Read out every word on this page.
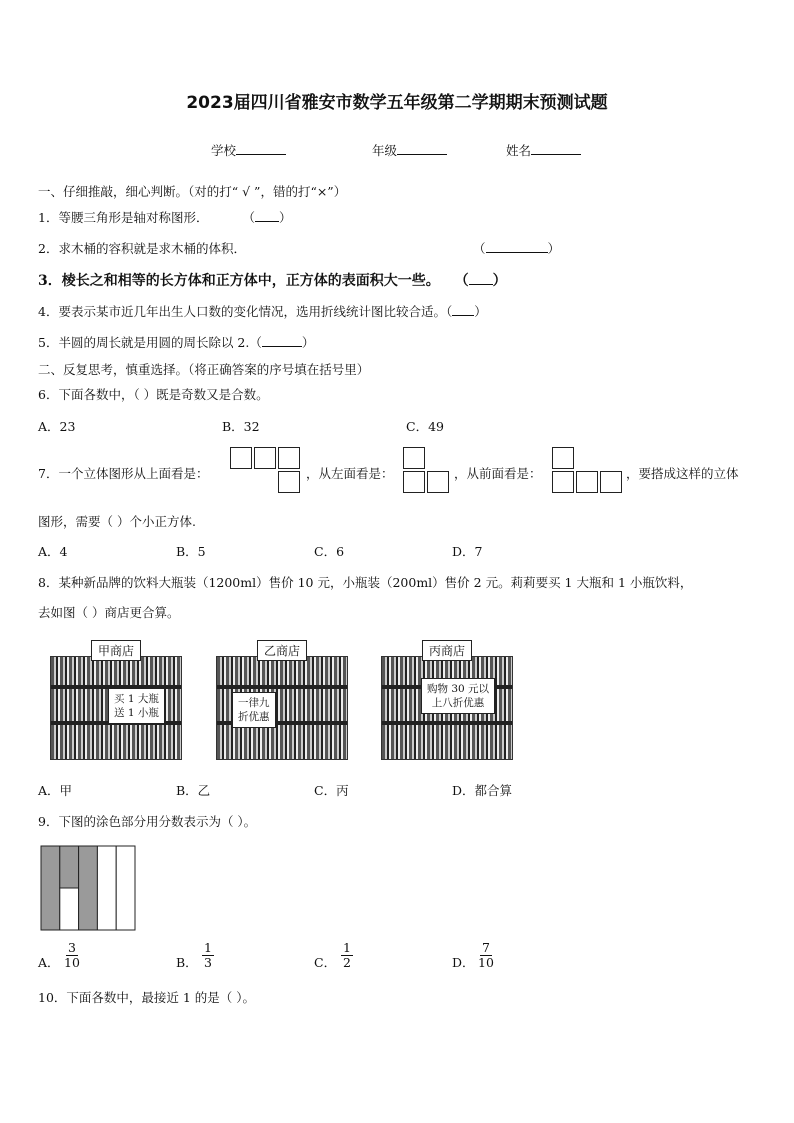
2023届四川省雅安市数学五年级第二学期期末预测试题
学校	年级	姓名
一、仔细推敲，细心判断。（对的打“ √ ”，错的打“×”）
1．等腰三角形是轴对称图形．	（ ）
2．求木桶的容积就是求木桶的体积．	（	）
3．棱长之和相等的长方体和正方体中，正方体的表面积大一些。 （ ）
4．要表示某市近几年出生人口数的变化情况，选用折线统计图比较合适。（ ）
5．半圆的周长就是用圆的周长除以 2.（	）
二、反复思考，慎重选择。（将正确答案的序号填在括号里）
6．下面各数中，（ ）既是奇数又是合数。
A．23	B．32	C．49
7．一个立体图形从上面看是：	，从左面看是：	，从前面看是：	，要搭成这样的立体
图形，需要（ ）个小正方体.
A．4	B．5	C．6	D．7
8．某种新品牌的饮料大瓶装（1200ml）售价 10 元，小瓶装（200ml）售价 2 元。莉莉要买 1 大瓶和 1 小瓶饮料，
去如图（ ）商店更合算。
甲商店
买 1 大瓶
送 1 小瓶
乙商店
一律九
折优惠
丙商店
购物 30 元以
上八折优惠
A．甲	B．乙	C．丙	D．都合算
9．下图的涂色部分用分数表示为（ ）。
A． $\frac{3}{10}$	B． $\frac{1}{3}$	C． $\frac{1}{2}$	D． $\frac{7}{10}$
10．下面各数中，最接近 1 的是（ ）。
